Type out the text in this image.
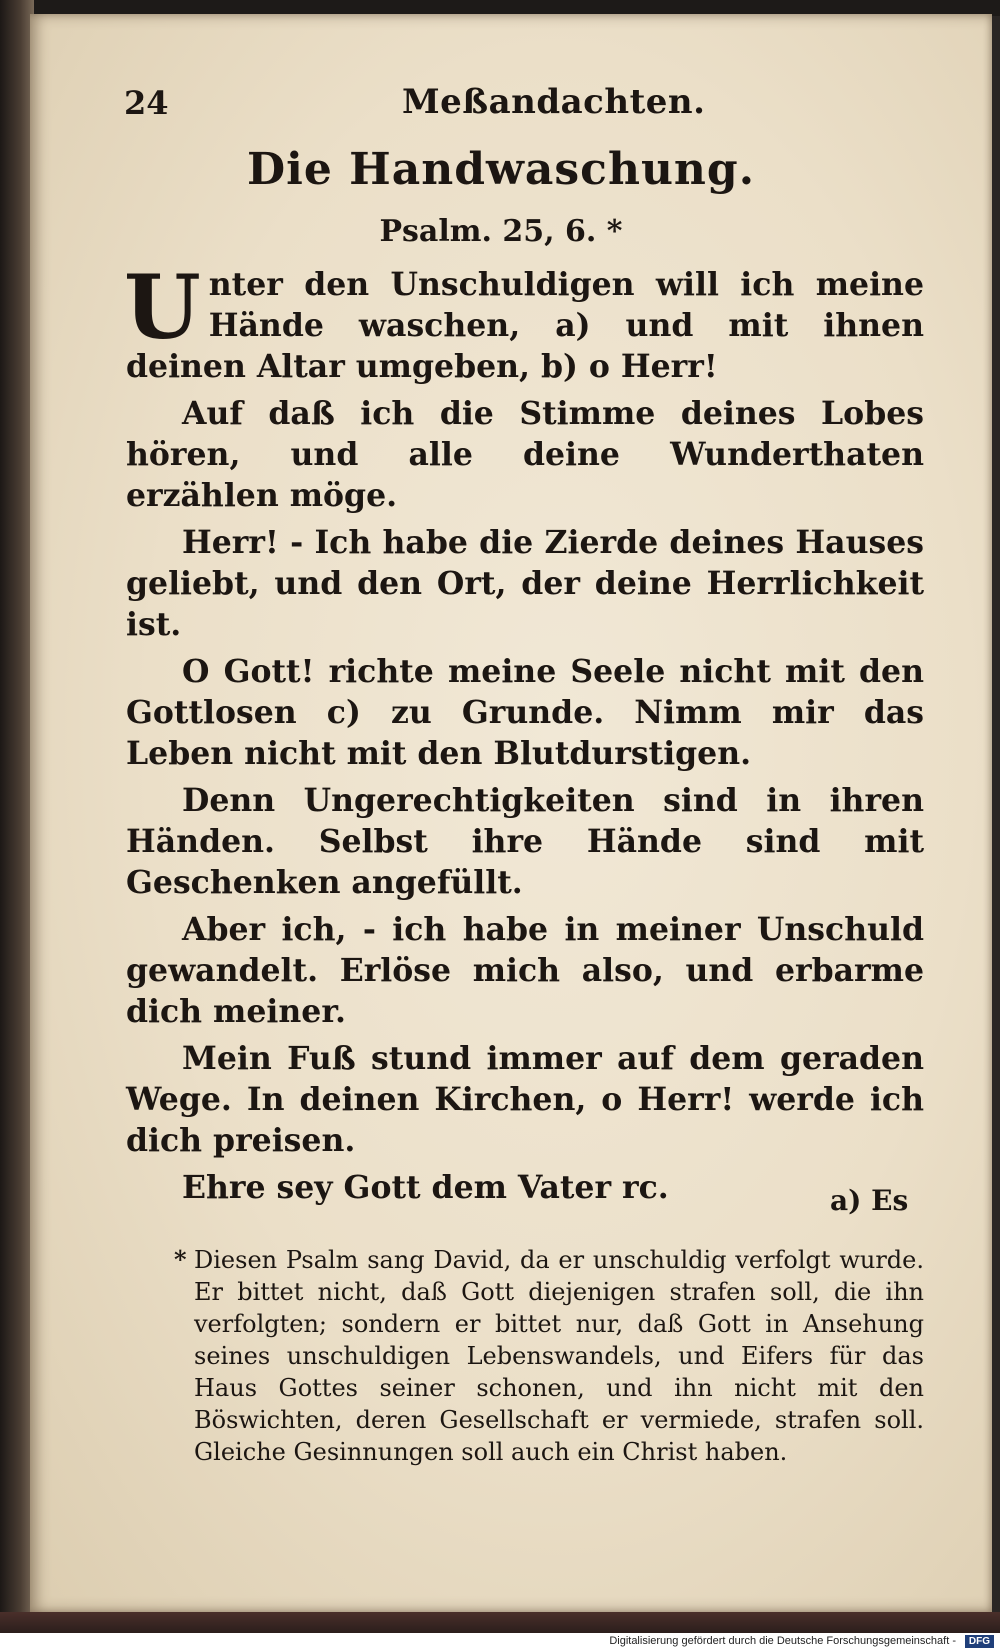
24	Meßandachten.
Die Handwaschung.
Psalm. 25, 6. *

Unter den Unschuldigen will ich meine Hände waschen, a) und mit ihnen deinen Altar umgeben, b) o Herr!

Auf daß ich die Stimme deines Lobes hören, und alle deine Wunderthaten erzählen möge.

Herr! - Ich habe die Zierde deines Hauses geliebt, und den Ort, der deine Herrlichkeit ist.

O Gott! richte meine Seele nicht mit den Gottlosen c) zu Grunde. Nimm mir das Leben nicht mit den Blutdurstigen.

Denn Ungerechtigkeiten sind in ihren Händen. Selbst ihre Hände sind mit Geschenken angefüllt.

Aber ich, - ich habe in meiner Unschuld gewandelt. Erlöse mich also, und erbarme dich meiner.

Mein Fuß stund immer auf dem geraden Wege. In deinen Kirchen, o Herr! werde ich dich preisen.

Ehre sey Gott dem Vater rc.	a) Es
* Diesen Psalm sang David, da er unschuldig verfolgt wurde. Er bittet nicht, daß Gott diejenigen strafen soll, die ihn verfolgten; sondern er bittet nur, daß Gott in Ansehung seines unschuldigen Lebenswandels, und Eifers für das Haus Gottes seiner schonen, und ihn nicht mit den Böswichten, deren Gesellschaft er vermiede, strafen soll. Gleiche Gesinnungen soll auch ein Christ haben.
Digitalisierung gefördert durch die Deutsche Forschungsgemeinschaft -	DFG
